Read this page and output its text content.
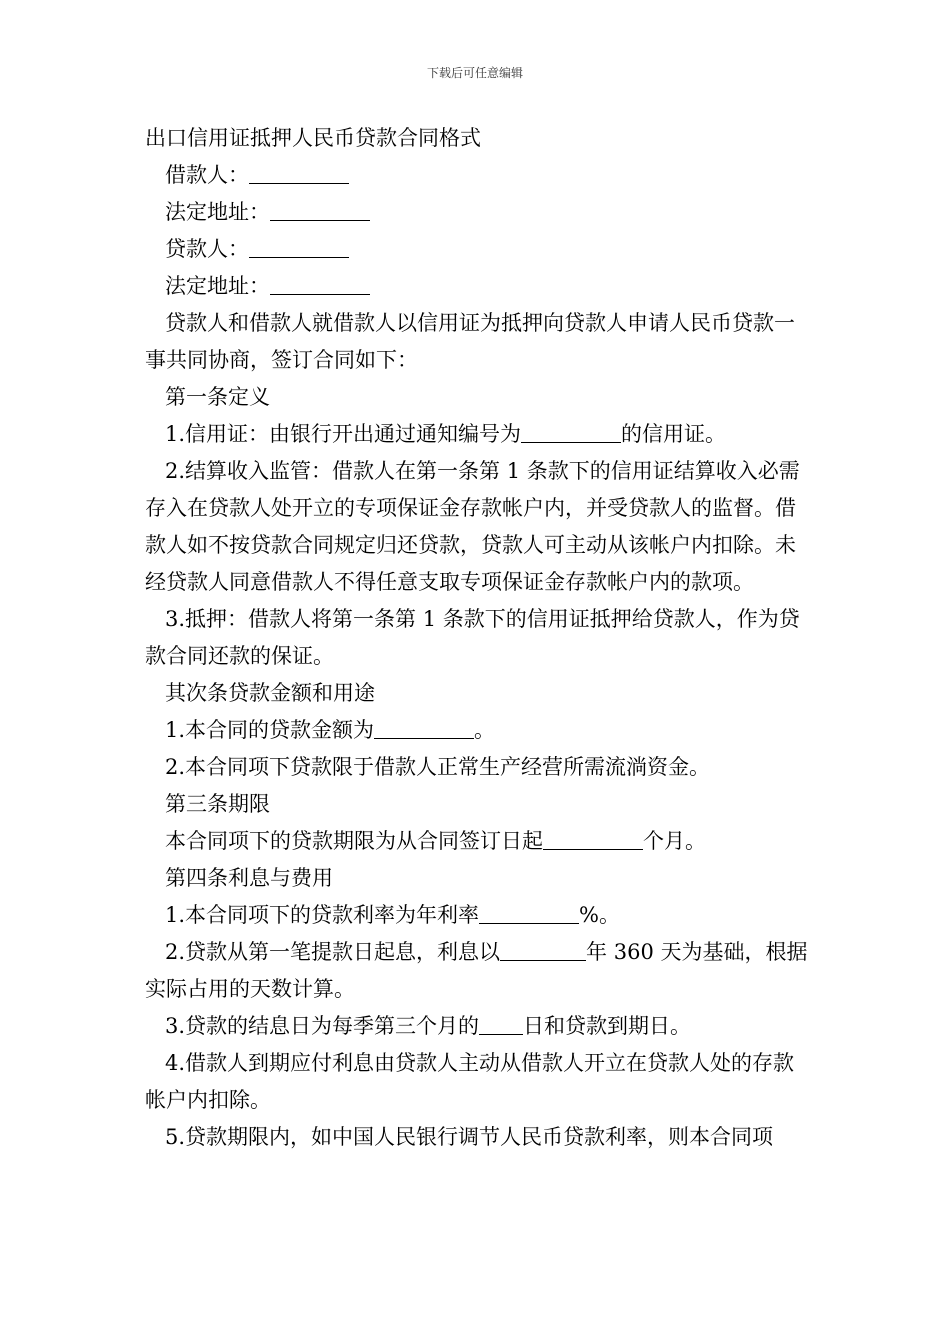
下载后可任意编辑

出口信用证抵押人民币贷款合同格式

借款人：

法定地址：

贷款人：

法定地址：

贷款人和借款人就借款人以信用证为抵押向贷款人申请人民币贷款一事共同协商，签订合同如下：

第一条定义

1.信用证：由银行开出通过通知编号为	的信用证。

2.结算收入监管：借款人在第一条第 1 条款下的信用证结算收入必需存入在贷款人处开立的专项保证金存款帐户内，并受贷款人的监督。借款人如不按贷款合同规定归还贷款，贷款人可主动从该帐户内扣除。未经贷款人同意借款人不得任意支取专项保证金存款帐户内的款项。

3.抵押：借款人将第一条第 1 条款下的信用证抵押给贷款人，作为贷款合同还款的保证。

其次条贷款金额和用途

1.本合同的贷款金额为	。

2.本合同项下贷款限于借款人正常生产经营所需流淌资金。

第三条期限

本合同项下的贷款期限为从合同签订日起	个月。

第四条利息与费用

1.本合同项下的贷款利率为年利率	%。

2.贷款从第一笔提款日起息，利息以	年 360 天为基础，根据实际占用的天数计算。

3.贷款的结息日为每季第三个月的 日和贷款到期日。

4.借款人到期应付利息由贷款人主动从借款人开立在贷款人处的存款帐户内扣除。

5.贷款期限内，如中国人民银行调节人民币贷款利率，则本合同项
